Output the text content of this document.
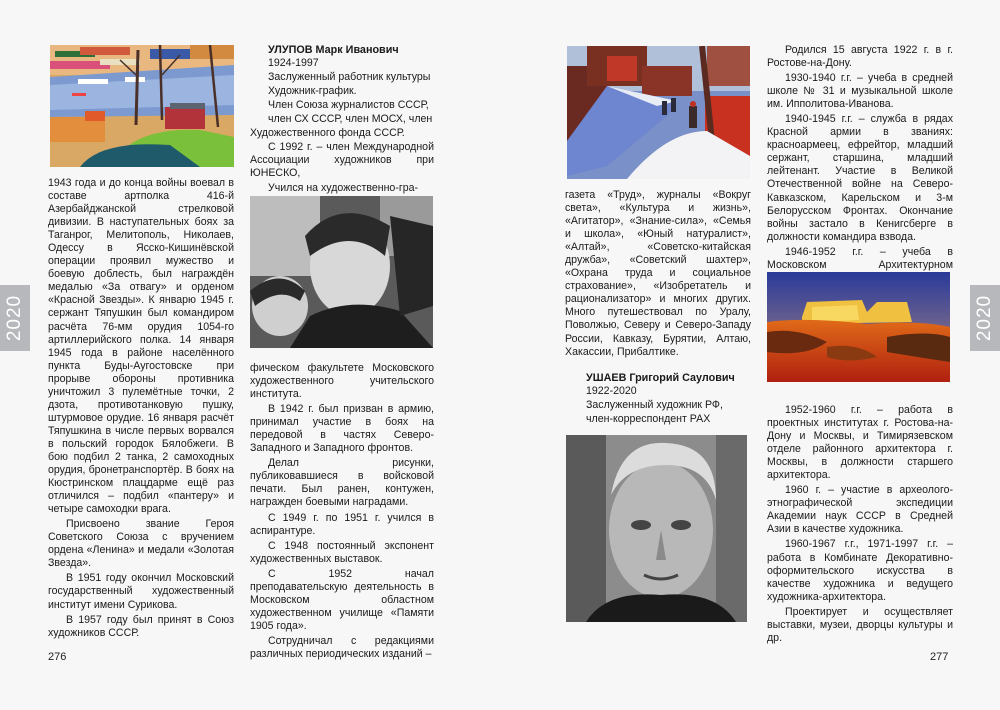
2020

1943 года и до конца войны воевал в составе артполка 416-й Азербайджанской стрелковой дивизии. В наступательных боях за Таганрог, Мелитополь, Николаев, Одессу в Ясско-Кишинёвской операции проявил мужество и боевую доблесть, был награждён медалью «За отвагу» и орденом «Красной Звезды». К январю 1945 г. сержант Тяпушкин был командиром расчёта 76-мм орудия 1054-го артиллерийского полка. 14 января 1945 года в районе населённого пункта Буды-Аугостовске при прорыве обороны противника уничтожил 3 пулемётные точки, 2 дзота, противотанковую пушку, штурмовое орудие. 16 января расчёт Тяпушкина в числе первых ворвался в польский городок Бялобжеги. В бою подбил 2 танка, 2 самоходных орудия, бронетранспортёр. В боях на Кюстринском плацдарме ещё раз отличился – подбил «пантеру» и четыре самоходки врага.

Присвоено звание Героя Советского Союза с вручением ордена «Ленина» и медали «Золотая Звезда».

В 1951 году окончил Московский государственный художественный институт имени Сурикова.

В 1957 году был принят в Союз художников СССР.

УЛУПОВ Марк Иванович

1924-1997

Заслуженный работник культуры

Художник-график.

Член Союза журналистов СССР,

член СХ СССР, член МОСХ, член

Художественного фонда СССР.

С 1992 г. – член Международной Ассоциации художников при ЮНЕСКО,

Учился на художественно-гра-

фическом факультете Московского художественного учительского института.

В 1942 г. был призван в армию, принимал участие в боях на передовой в частях Северо-Западного и Западного фронтов.

Делал рисунки, публиковавшиеся в войсковой печати. Был ранен, контужен, награжден боевыми наградами.

С 1949 г. по 1951 г. учился в аспирантуре.

С 1948 постоянный экспонент художественных выставок.

С 1952 начал преподавательскую деятельность в Московском областном художественном училище «Памяти 1905 года».

Сотрудничал с редакциями различных периодических изданий –

276

газета «Труд», журналы «Вокруг света», «Культура и жизнь», «Агитатор», «Знание-сила», «Семья и школа», «Юный натуралист», «Алтай», «Советско-китайская дружба», «Советский шахтер», «Охрана труда и социальное страхование», «Изобретатель и рационализатор» и многих других. Много путешествовал по Уралу, Поволжью, Северу и Северо-Западу России, Кавказу, Бурятии, Алтаю, Хакассии, Прибалтике.

УШАЕВ Григорий Саулович

1922-2020

Заслуженный художник РФ,

член-корреспондент РАХ

Родился 15 августа 1922 г. в г. Ростове-на-Дону.

1930-1940 г.г. – учеба в средней школе № 31 и музыкальной школе им. Ипполитова-Иванова.

1940-1945 г.г. – служба в рядах Красной армии в званиях: красноармеец, ефрейтор, младший сержант, старшина, младший лейтенант. Участие в Великой Отечественной войне на Северо-Кавказском, Карельском и 3-м Белорусском Фронтах. Окончание войны застало в Кенигсберге в должности командира взвода.

1946-1952 г.г. – учеба в Московском Архитектурном

1952-1960 г.г. – работа в проектных институтах г. Ростова-на-Дону и Москвы, и Тимирязевском отделе районного архитектора г. Москвы, в должности старшего архитектора.

1960 г. – участие в археолого-этнографической экспедиции Академии наук СССР в Средней Азии в качестве художника.

1960-1967 г.г., 1971-1997 г.г. – работа в Комбинате Декоративно-оформительского искусства в качестве художника и ведущего художника-архитектора.

Проектирует и осуществляет выставки, музеи, дворцы культуры и др.

277
2020
